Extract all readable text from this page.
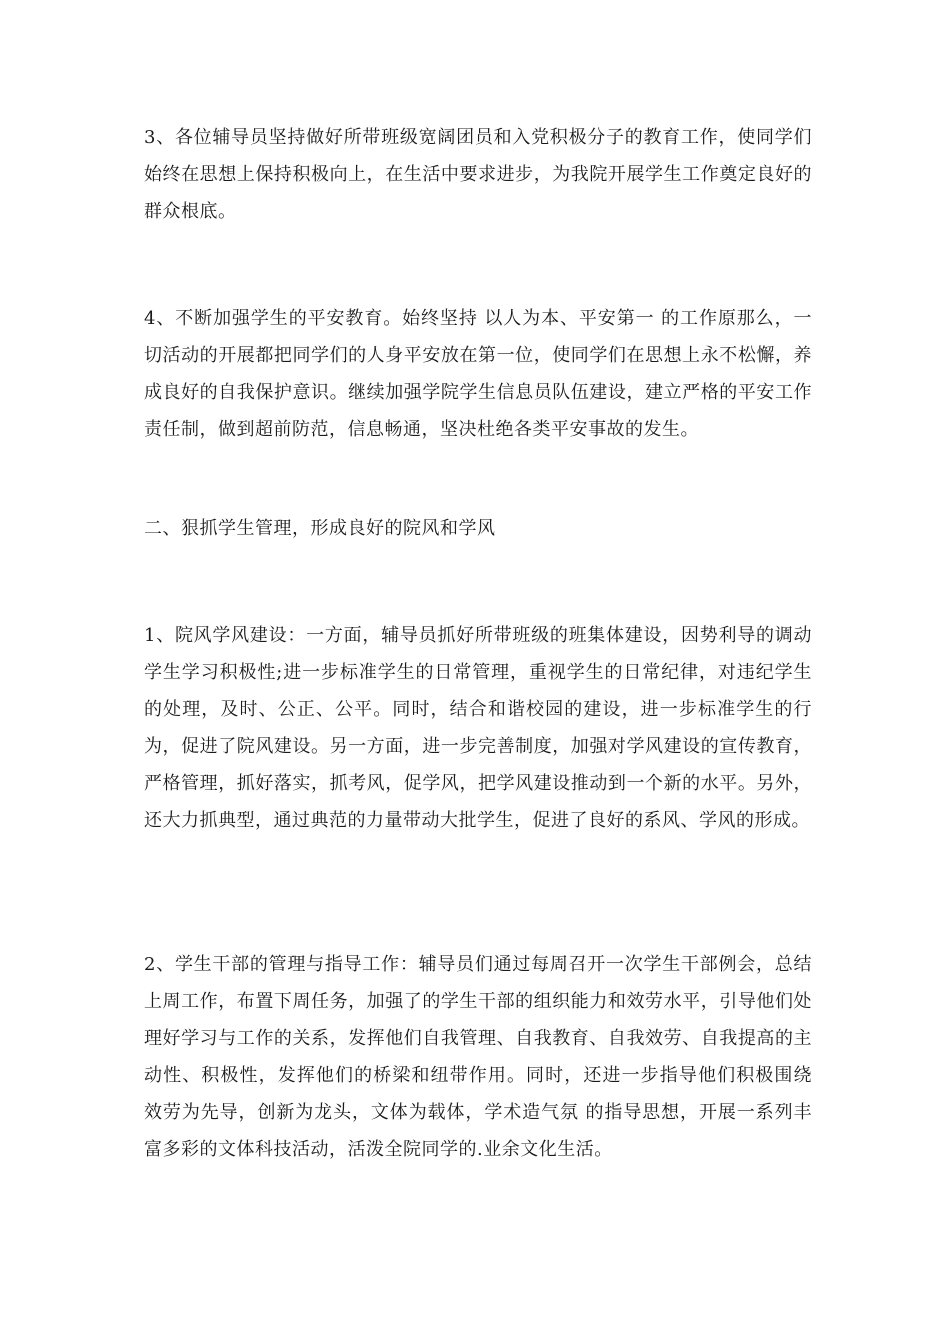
3、各位辅导员坚持做好所带班级宽阔团员和入党积极分子的教育工作，使同学们始终在思想上保持积极向上，在生活中要求进步，为我院开展学生工作奠定良好的群众根底。

4、不断加强学生的平安教育。始终坚持 以人为本、平安第一 的工作原那么，一切活动的开展都把同学们的人身平安放在第一位，使同学们在思想上永不松懈，养成良好的自我保护意识。继续加强学院学生信息员队伍建设，建立严格的平安工作责任制，做到超前防范，信息畅通，坚决杜绝各类平安事故的发生。

二、狠抓学生管理，形成良好的院风和学风

1、院风学风建设：一方面，辅导员抓好所带班级的班集体建设，因势利导的调动学生学习积极性;进一步标准学生的日常管理，重视学生的日常纪律，对违纪学生的处理，及时、公正、公平。同时，结合和谐校园的建设，进一步标准学生的行为，促进了院风建设。另一方面，进一步完善制度，加强对学风建设的宣传教育，严格管理，抓好落实，抓考风，促学风，把学风建设推动到一个新的水平。另外，还大力抓典型，通过典范的力量带动大批学生，促进了良好的系风、学风的形成。

2、学生干部的管理与指导工作：辅导员们通过每周召开一次学生干部例会，总结上周工作，布置下周任务，加强了的学生干部的组织能力和效劳水平，引导他们处理好学习与工作的关系，发挥他们自我管理、自我教育、自我效劳、自我提高的主动性、积极性，发挥他们的桥梁和纽带作用。同时，还进一步指导他们积极围绕 效劳为先导，创新为龙头，文体为载体，学术造气氛 的指导思想，开展一系列丰富多彩的文体科技活动，活泼全院同学的.业余文化生活。
